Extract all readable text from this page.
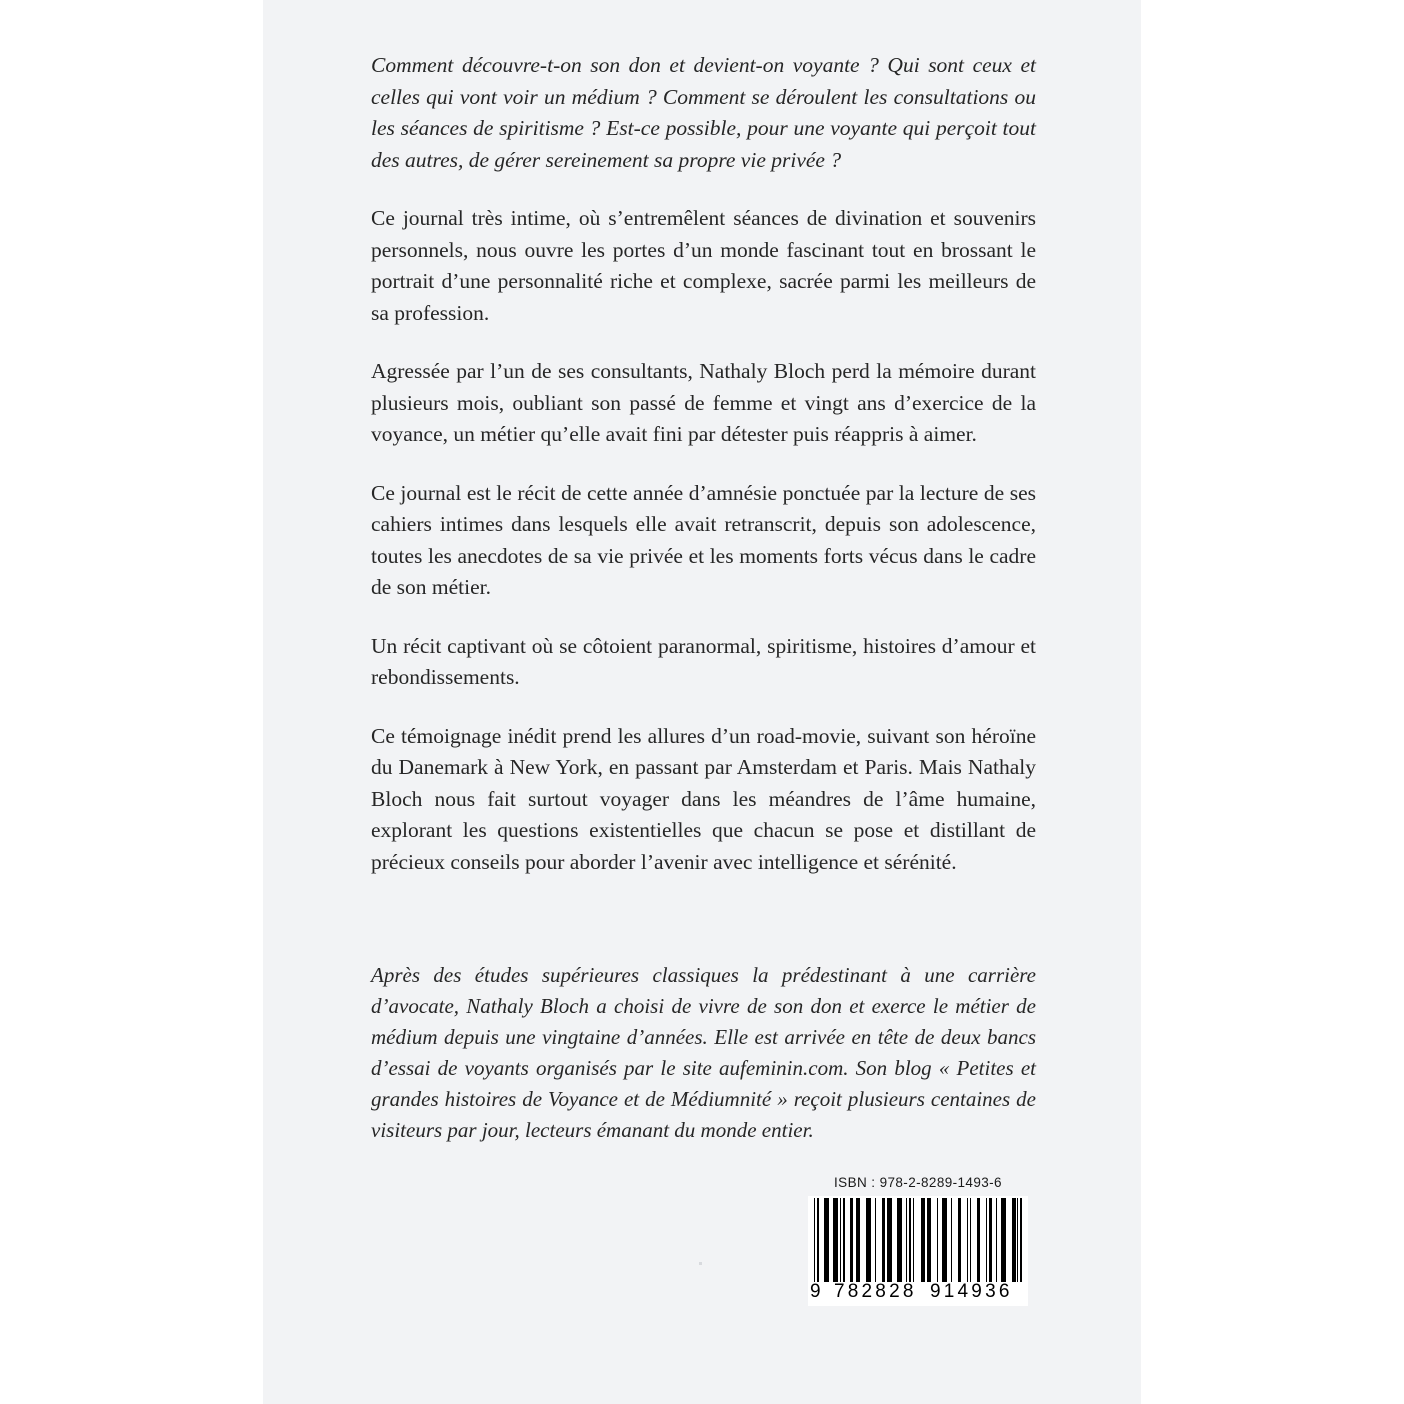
Comment découvre-t-on son don et devient-on voyante ? Qui sont ceux et celles qui vont voir un médium ? Comment se déroulent les consultations ou les séances de spiritisme ? Est-ce possible, pour une voyante qui perçoit tout des autres, de gérer sereinement sa propre vie privée ?

Ce journal très intime, où s’entremêlent séances de divination et souvenirs personnels, nous ouvre les portes d’un monde fascinant tout en brossant le portrait d’une personnalité riche et complexe, sacrée parmi les meilleurs de sa profession.

Agressée par l’un de ses consultants, Nathaly Bloch perd la mémoire durant plusieurs mois, oubliant son passé de femme et vingt ans d’exercice de la voyance, un métier qu’elle avait fini par détester puis réappris à aimer.

Ce journal est le récit de cette année d’amnésie ponctuée par la lecture de ses cahiers intimes dans lesquels elle avait retranscrit, depuis son adolescence, toutes les anecdotes de sa vie privée et les moments forts vécus dans le cadre de son métier.

Un récit captivant où se côtoient paranormal, spiritisme, histoires d’amour et rebondissements.

Ce témoignage inédit prend les allures d’un road-movie, suivant son héroïne du Danemark à New York, en passant par Amsterdam et Paris. Mais Nathaly Bloch nous fait surtout voyager dans les méandres de l’âme humaine, explorant les questions existentielles que chacun se pose et distillant de précieux conseils pour aborder l’avenir avec intelligence et sérénité.

Après des études supérieures classiques la prédestinant à une carrière d’avocate, Nathaly Bloch a choisi de vivre de son don et exerce le métier de médium depuis une vingtaine d’années. Elle est arrivée en tête de deux bancs d’essai de voyants organisés par le site aufeminin.com. Son blog « Petites et grandes histoires de Voyance et de Médiumnité » reçoit plusieurs centaines de visiteurs par jour, lecteurs émanant du monde entier.

ISBN : 978-2-8289-1493-6
9 782828 914936
